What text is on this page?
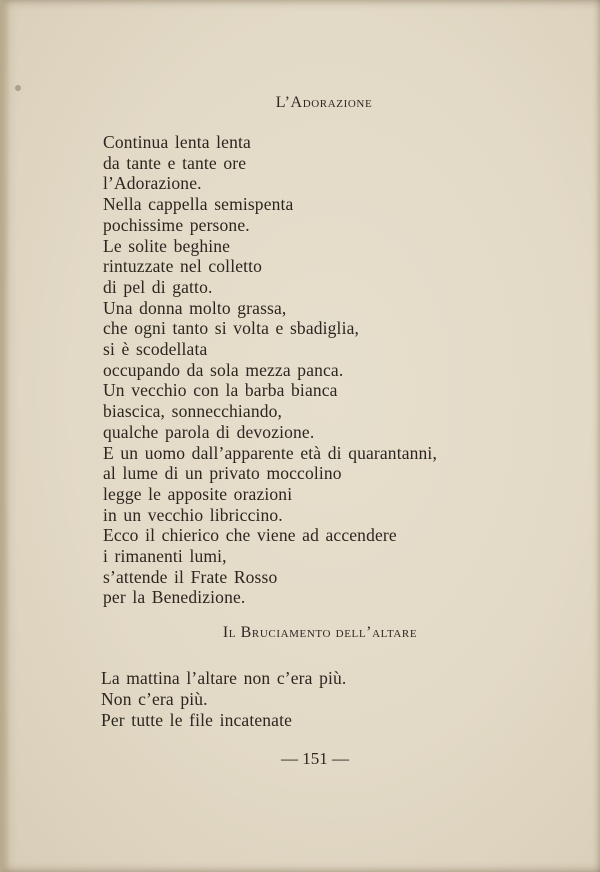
L’Adorazione
Continua lenta lenta
da tante e tante ore
l’Adorazione.
Nella cappella semispenta
pochissime persone.
Le solite beghine
rintuzzate nel colletto
di pel di gatto.
Una donna molto grassa,
che ogni tanto si volta e sbadiglia,
si è scodellata
occupando da sola mezza panca.
Un vecchio con la barba bianca
biascica, sonnecchiando,
qualche parola di devozione.
E un uomo dall’apparente età di quarantanni,
al lume di un privato moccolino
legge le apposite orazioni
in un vecchio libriccino.
Ecco il chierico che viene ad accendere
i rimanenti lumi,
s’attende il Frate Rosso
per la Benedizione.
Il Bruciamento dell’altare
La mattina l’altare non c’era più.
Non c’era più.
Per tutte le file incatenate
— 151 —
